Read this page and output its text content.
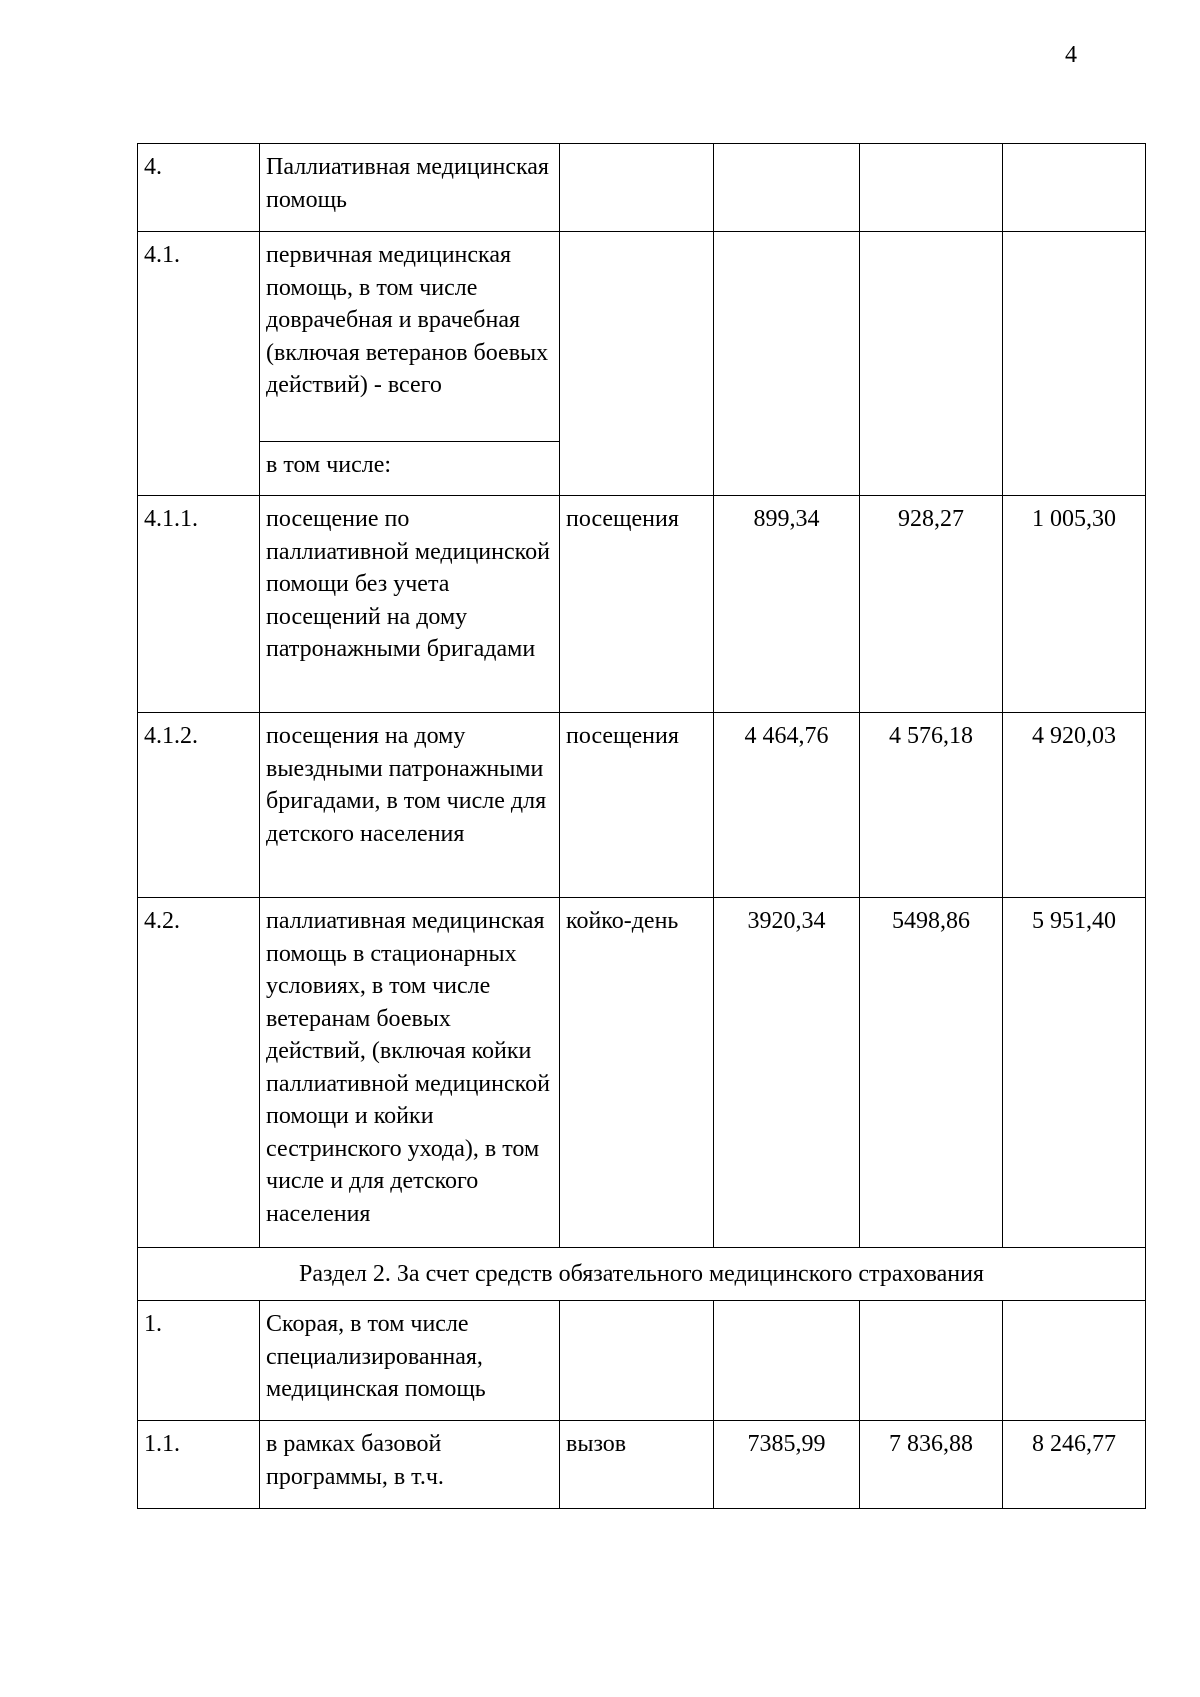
4
4.	Паллиативная медицинская помощь				
4.1.	первичная медицинская помощь, в том числе доврачебная и врачебная (включая ветеранов боевых действий) - всего				
	в том числе:				
4.1.1.	посещение по паллиативной медицинской помощи без учета посещений на дому патронажными бригадами	посещения	899,34	928,27	1 005,30
4.1.2.	посещения на дому выездными патронажными бригадами, в том числе для детского населения	посещения	4 464,76	4 576,18	4 920,03
4.2.	паллиативная медицинская помощь в стационарных условиях, в том числе ветеранам боевых действий, (включая койки паллиативной медицинской помощи и койки сестринского ухода), в том числе и для детского населения	койко-день	3920,34	5498,86	5 951,40
Раздел 2. За счет средств обязательного медицинского страхования					
1.	Скорая, в том числе специализированная, медицинская помощь				
1.1.	в рамках базовой программы, в т.ч.	вызов	7385,99	7 836,88	8 246,77
